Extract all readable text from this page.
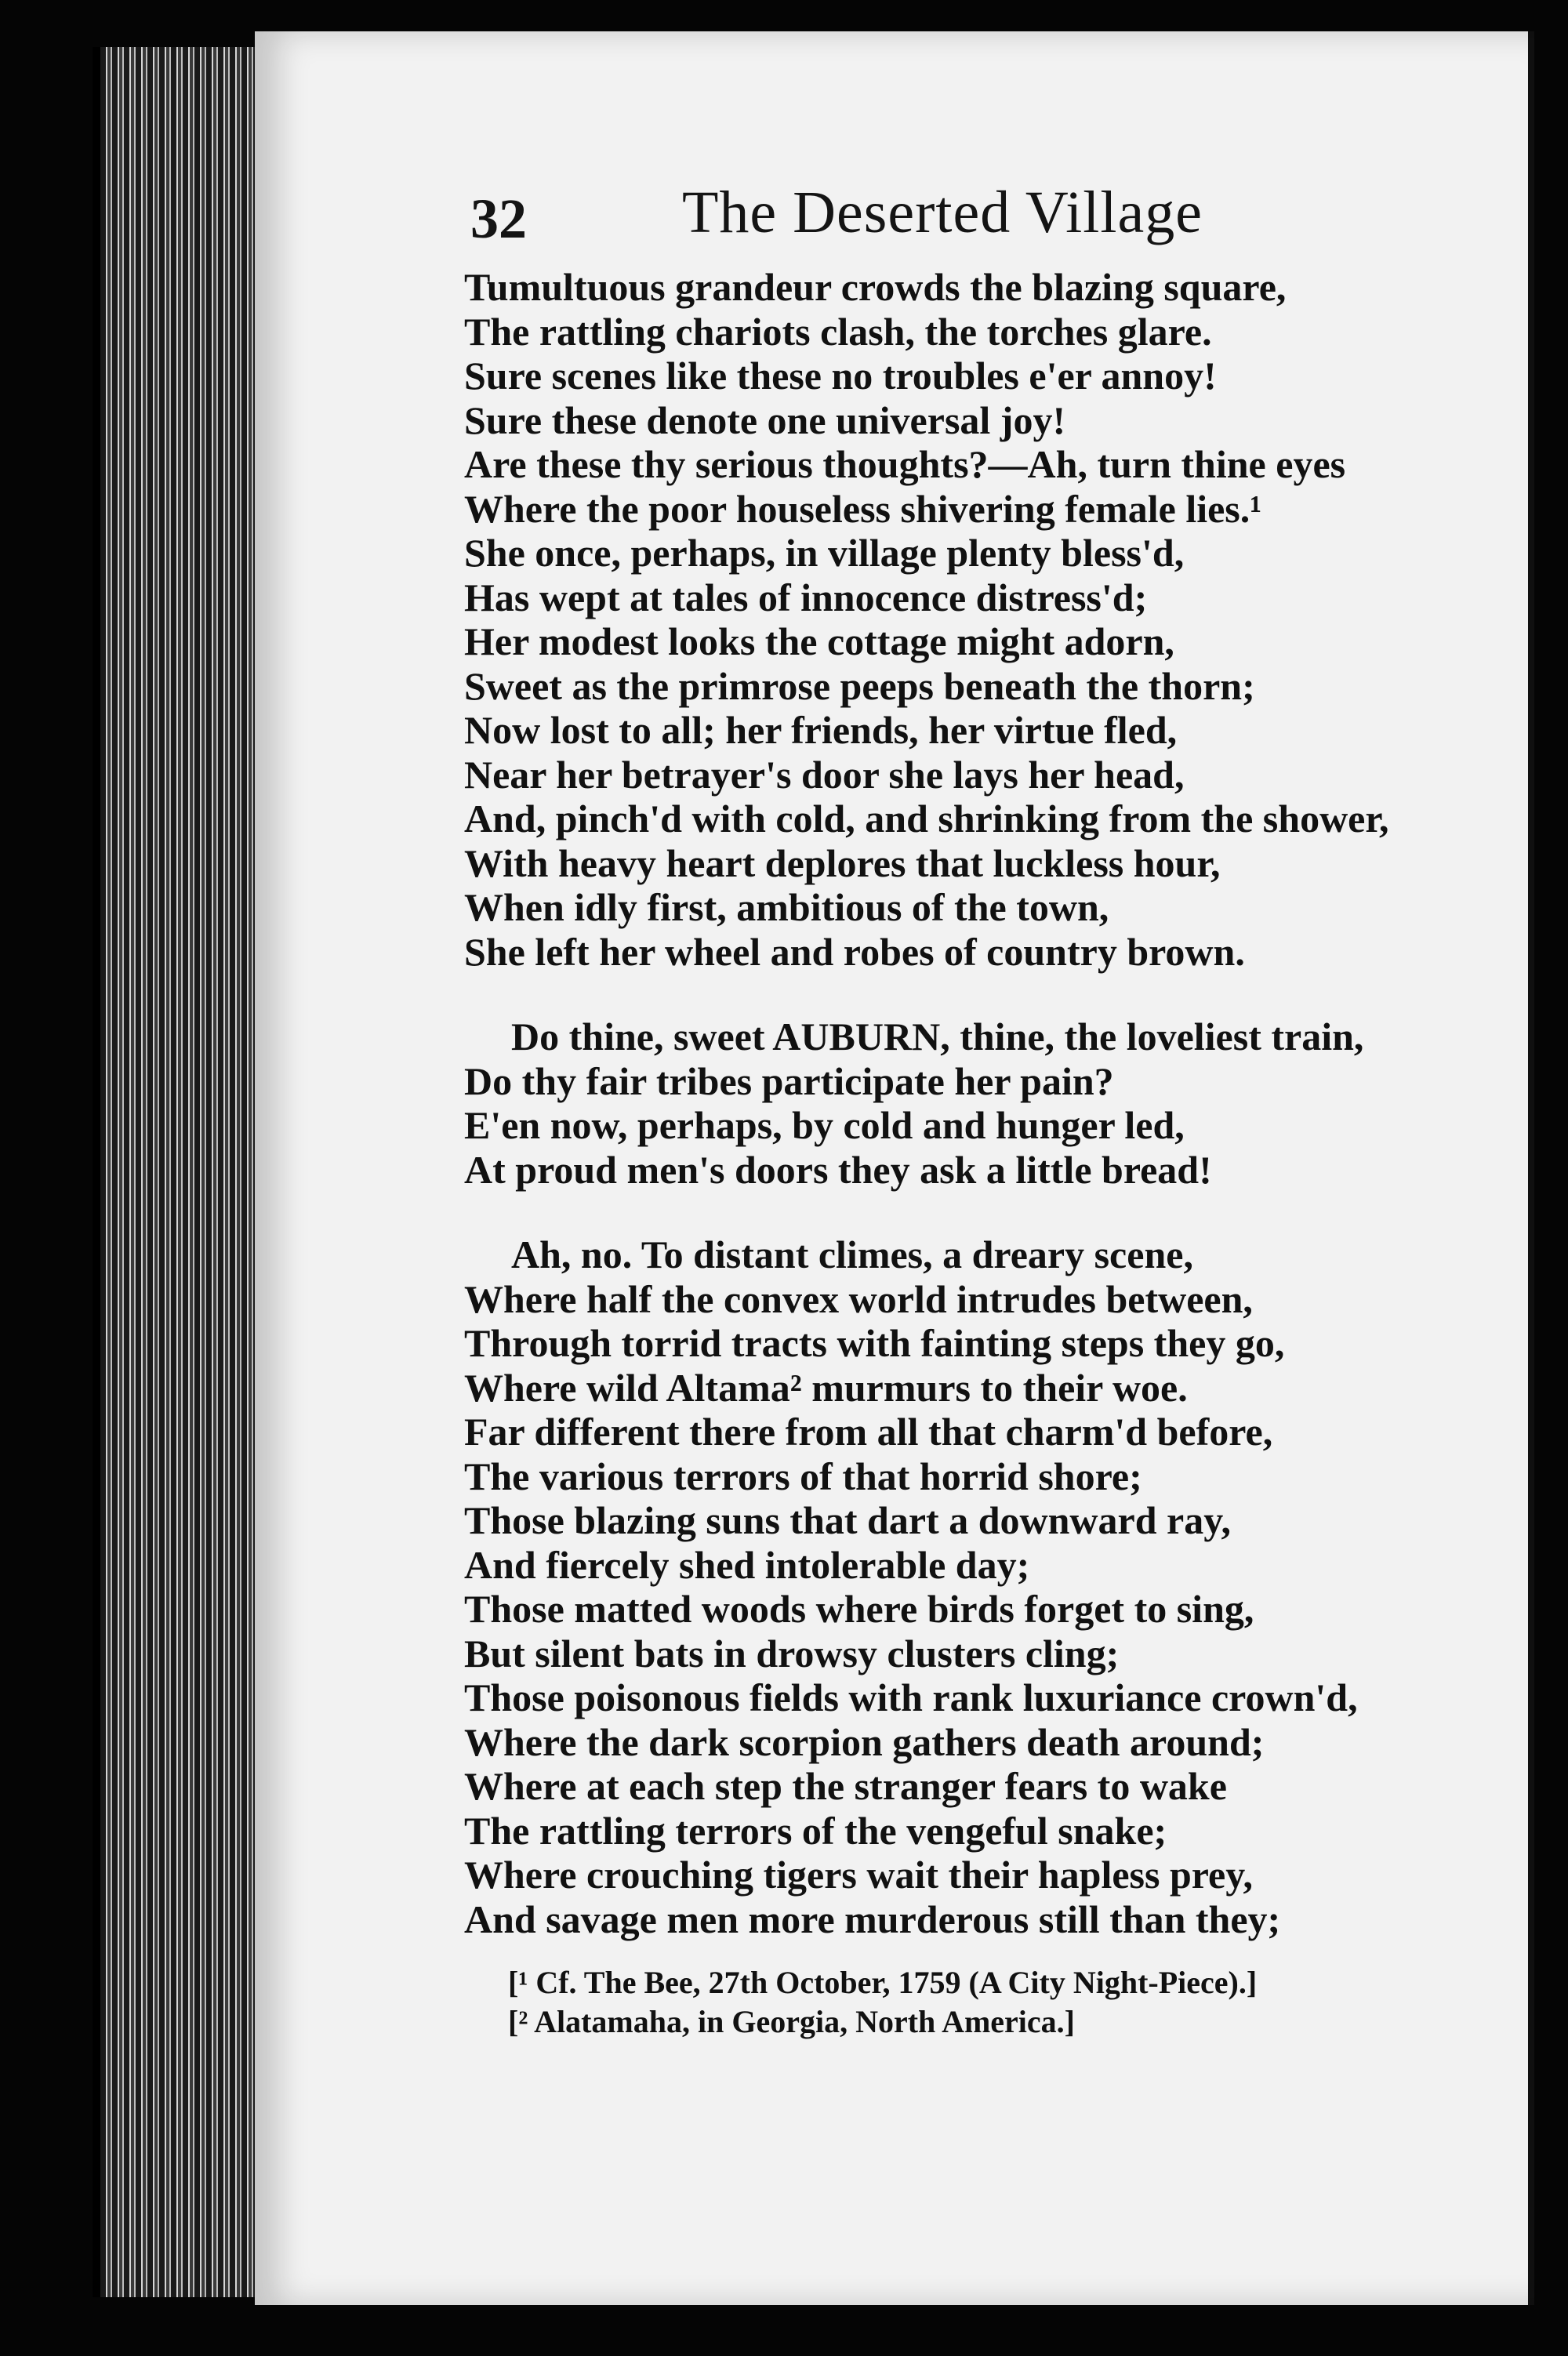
32	The Deserted Village
Tumultuous grandeur crowds the blazing square,
The rattling chariots clash, the torches glare.
Sure scenes like these no troubles e'er annoy!
Sure these denote one universal joy!
Are these thy serious thoughts?—Ah, turn thine eyes
Where the poor houseless shivering female lies.¹
She once, perhaps, in village plenty bless'd,
Has wept at tales of innocence distress'd;
Her modest looks the cottage might adorn,
Sweet as the primrose peeps beneath the thorn;
Now lost to all; her friends, her virtue fled,
Near her betrayer's door she lays her head,
And, pinch'd with cold, and shrinking from the shower,
With heavy heart deplores that luckless hour,
When idly first, ambitious of the town,
She left her wheel and robes of country brown.
Do thine, sweet AUBURN, thine, the loveliest train,
Do thy fair tribes participate her pain?
E'en now, perhaps, by cold and hunger led,
At proud men's doors they ask a little bread!
Ah, no. To distant climes, a dreary scene,
Where half the convex world intrudes between,
Through torrid tracts with fainting steps they go,
Where wild Altama² murmurs to their woe.
Far different there from all that charm'd before,
The various terrors of that horrid shore;
Those blazing suns that dart a downward ray,
And fiercely shed intolerable day;
Those matted woods where birds forget to sing,
But silent bats in drowsy clusters cling;
Those poisonous fields with rank luxuriance crown'd,
Where the dark scorpion gathers death around;
Where at each step the stranger fears to wake
The rattling terrors of the vengeful snake;
Where crouching tigers wait their hapless prey,
And savage men more murderous still than they;
[¹ Cf. The Bee, 27th October, 1759 (A City Night-Piece).]
[² Alatamaha, in Georgia, North America.]
